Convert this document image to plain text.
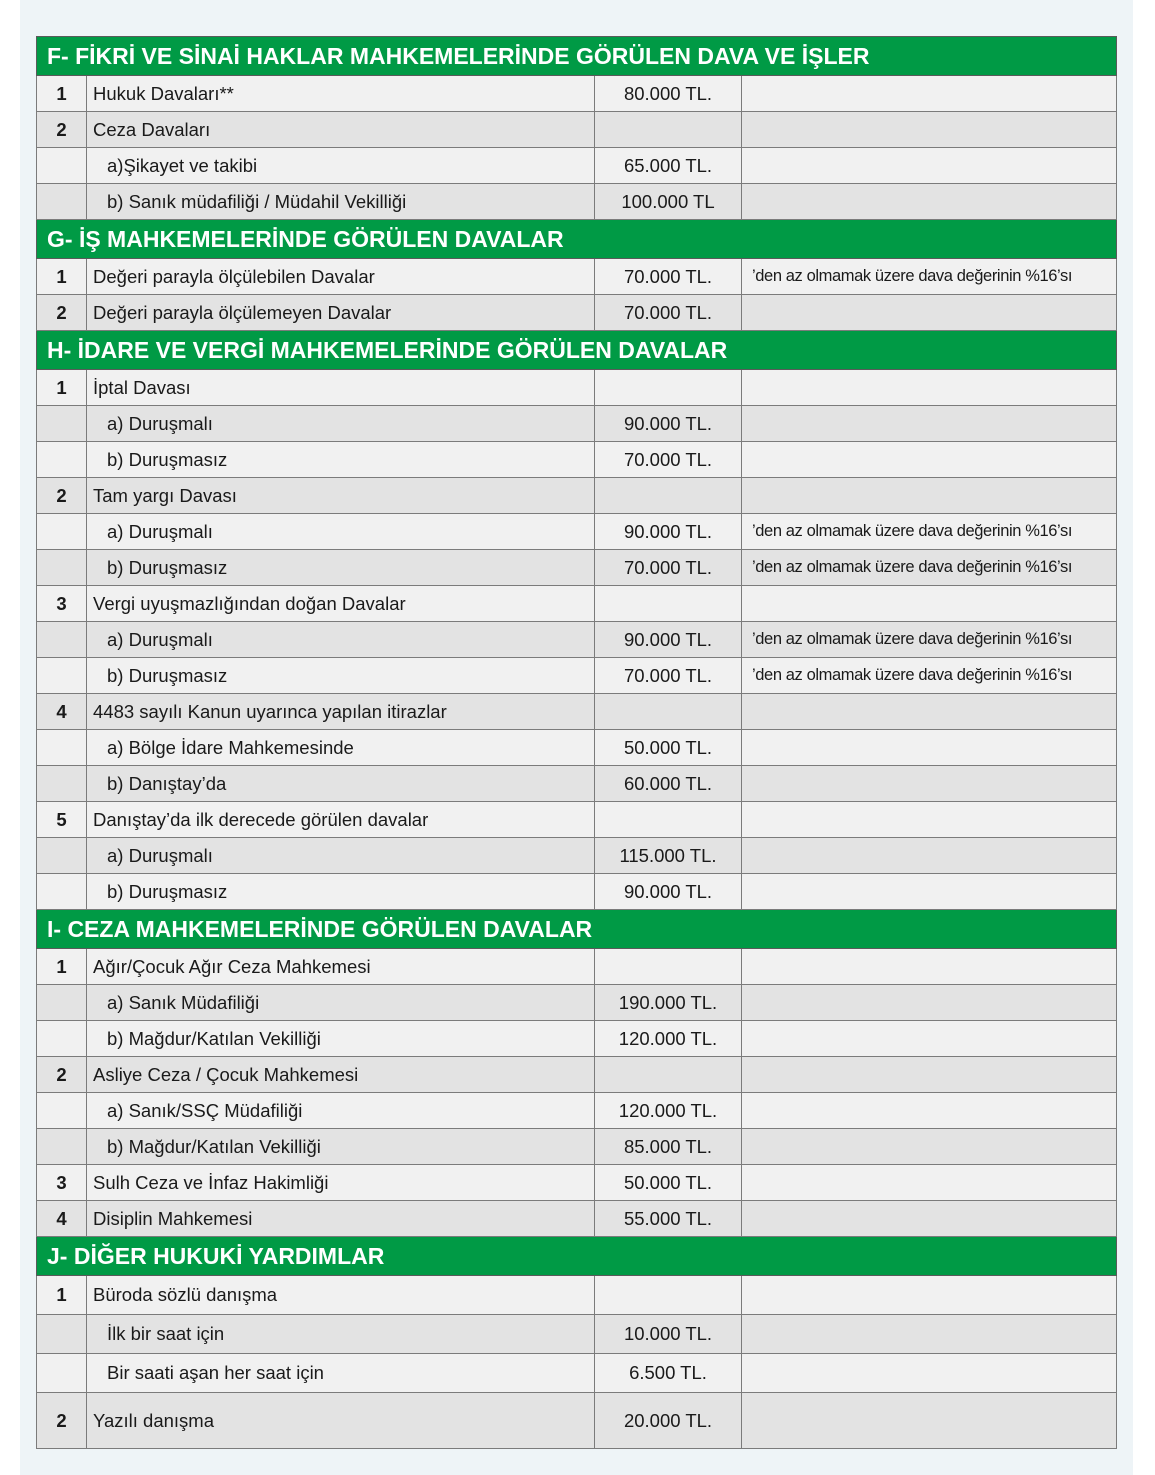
F- FİKRİ VE SİNAİ HAKLAR MAHKEMELERİNDE GÖRÜLEN DAVA VE İŞLER			
1	Hukuk Davaları**	80.000 TL.	
2	Ceza Davaları		
	a)Şikayet ve takibi	65.000 TL.	
	b) Sanık müdafiliği / Müdahil Vekilliği	100.000 TL	
G- İŞ MAHKEMELERİNDE GÖRÜLEN DAVALAR			
1	Değeri parayla ölçülebilen Davalar	70.000 TL.	’den az olmamak üzere dava değerinin %16’sı
2	Değeri parayla ölçülemeyen Davalar	70.000 TL.	
H- İDARE VE VERGİ MAHKEMELERİNDE GÖRÜLEN DAVALAR			
1	İptal Davası		
	a) Duruşmalı	90.000 TL.	
	b) Duruşmasız	70.000 TL.	
2	Tam yargı Davası		
	a) Duruşmalı	90.000 TL.	’den az olmamak üzere dava değerinin %16’sı
	b) Duruşmasız	70.000 TL.	’den az olmamak üzere dava değerinin %16’sı
3	Vergi uyuşmazlığından doğan Davalar		
	a) Duruşmalı	90.000 TL.	’den az olmamak üzere dava değerinin %16’sı
	b) Duruşmasız	70.000 TL.	’den az olmamak üzere dava değerinin %16’sı
4	4483 sayılı Kanun uyarınca yapılan itirazlar		
	a) Bölge İdare Mahkemesinde	50.000 TL.	
	b) Danıştay’da	60.000 TL.	
5	Danıştay’da ilk derecede görülen davalar		
	a) Duruşmalı	115.000 TL.	
	b) Duruşmasız	90.000 TL.	
I- CEZA MAHKEMELERİNDE GÖRÜLEN DAVALAR			
1	Ağır/Çocuk Ağır Ceza Mahkemesi		
	a) Sanık Müdafiliği	190.000 TL.	
	b) Mağdur/Katılan Vekilliği	120.000 TL.	
2	Asliye Ceza / Çocuk Mahkemesi		
	a) Sanık/SSÇ Müdafiliği	120.000 TL.	
	b) Mağdur/Katılan Vekilliği	85.000 TL.	
3	Sulh Ceza ve İnfaz Hakimliği	50.000 TL.	
4	Disiplin Mahkemesi	55.000 TL.	
J- DİĞER HUKUKİ YARDIMLAR			
1	Büroda sözlü danışma		
	İlk bir saat için	10.000 TL.	
	Bir saati aşan her saat için	6.500 TL.	
2	Yazılı danışma	20.000 TL.	
